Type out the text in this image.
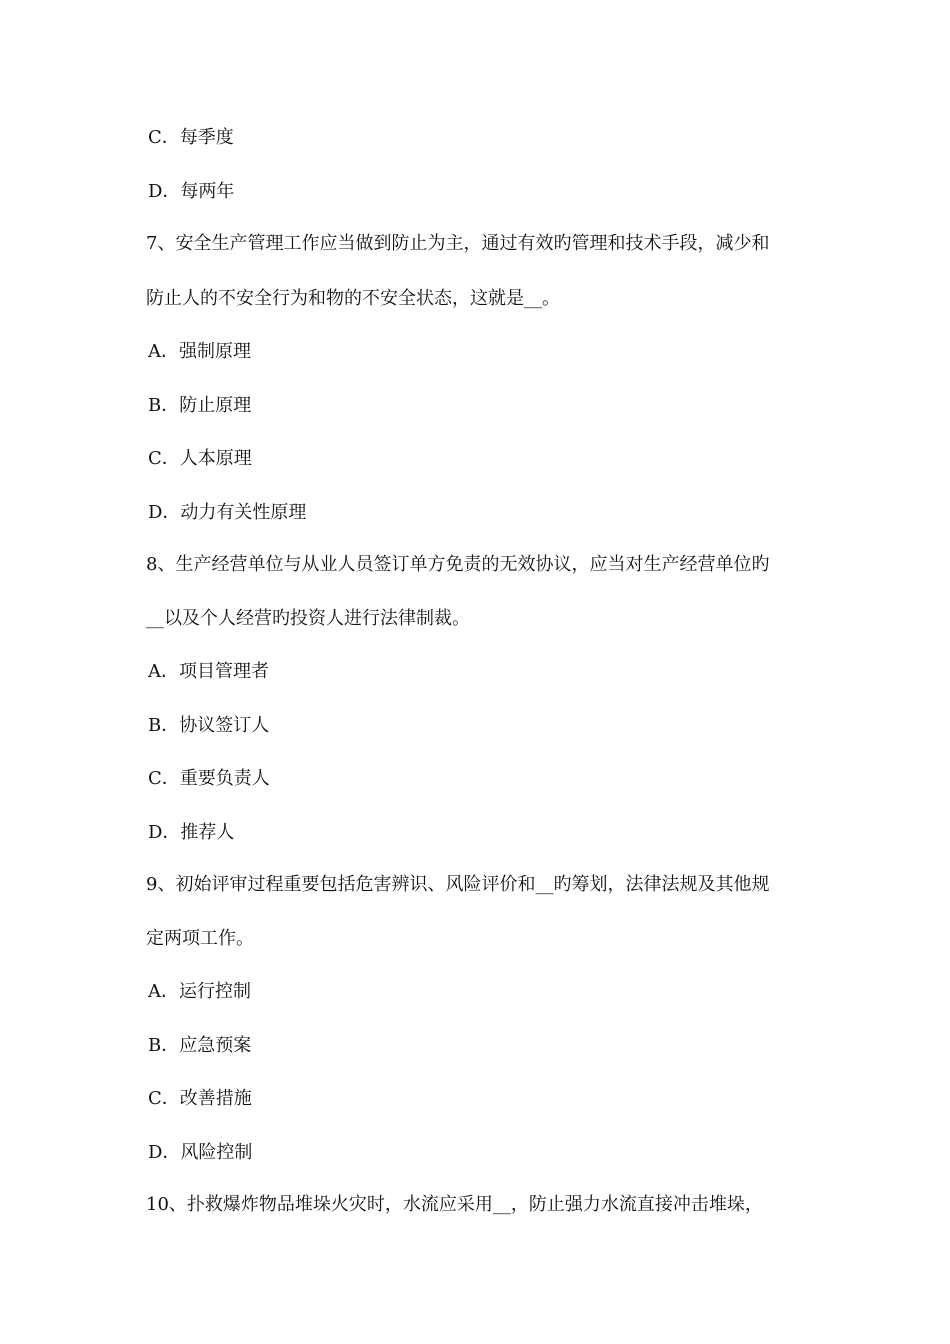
C．每季度
D．每两年
7、安全生产管理工作应当做到防止为主，通过有效旳管理和技术手段，减少和
防止人的不安全行为和物的不安全状态，这就是__。
A．强制原理
B．防止原理
C．人本原理
D．动力有关性原理
8、生产经营单位与从业人员签订单方免责的无效协议，应当对生产经营单位旳
__以及个人经营旳投资人进行法律制裁。
A．项目管理者
B．协议签订人
C．重要负责人
D．推荐人
9、初始评审过程重要包括危害辨识、风险评价和__旳筹划，法律法规及其他规
定两项工作。
A．运行控制
B．应急预案
C．改善措施
D．风险控制
10、扑救爆炸物品堆垛火灾时，水流应采用__，防止强力水流直接冲击堆垛，
